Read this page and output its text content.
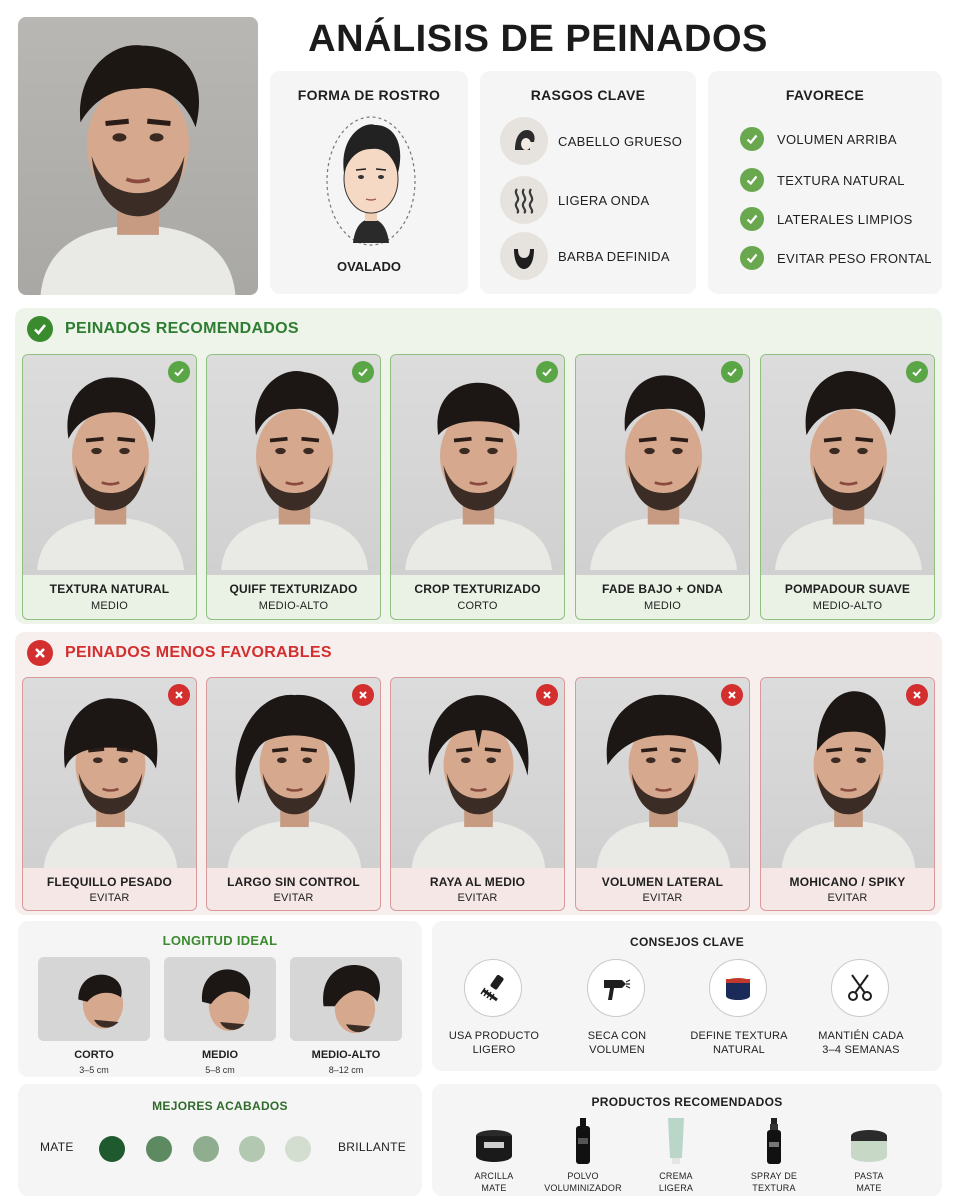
ANÁLISIS DE PEINADOS
FORMA DE ROSTRO
OVALADO
RASGOS CLAVE
CABELLO GRUESO
LIGERA ONDA
BARBA DEFINIDA
FAVORECE
VOLUMEN ARRIBA
TEXTURA NATURAL
LATERALES LIMPIOS
EVITAR PESO FRONTAL
PEINADOS RECOMENDADOS
TEXTURA NATURAL
MEDIO
QUIFF TEXTURIZADO
MEDIO-ALTO
CROP TEXTURIZADO
CORTO
FADE BAJO + ONDA
MEDIO
POMPADOUR SUAVE
MEDIO-ALTO
PEINADOS MENOS FAVORABLES
FLEQUILLO PESADO
EVITAR
LARGO SIN CONTROL
EVITAR
RAYA AL MEDIO
EVITAR
VOLUMEN LATERAL
EVITAR
MOHICANO / SPIKY
EVITAR
LONGITUD IDEAL
CORTO
3–5 cm
MEDIO
5–8 cm
MEDIO-ALTO
8–12 cm
CONSEJOS CLAVE
USA PRODUCTO
LIGERO
SECA CON
VOLUMEN
DEFINE TEXTURA
NATURAL
MANTIÉN CADA
3–4 SEMANAS
MEJORES ACABADOS
MATE	BRILLANTE
PRODUCTOS RECOMENDADOS
ARCILLA
MATE
POLVO
VOLUMINIZADOR
CREMA
LIGERA
SPRAY DE
TEXTURA
PASTA
MATE
